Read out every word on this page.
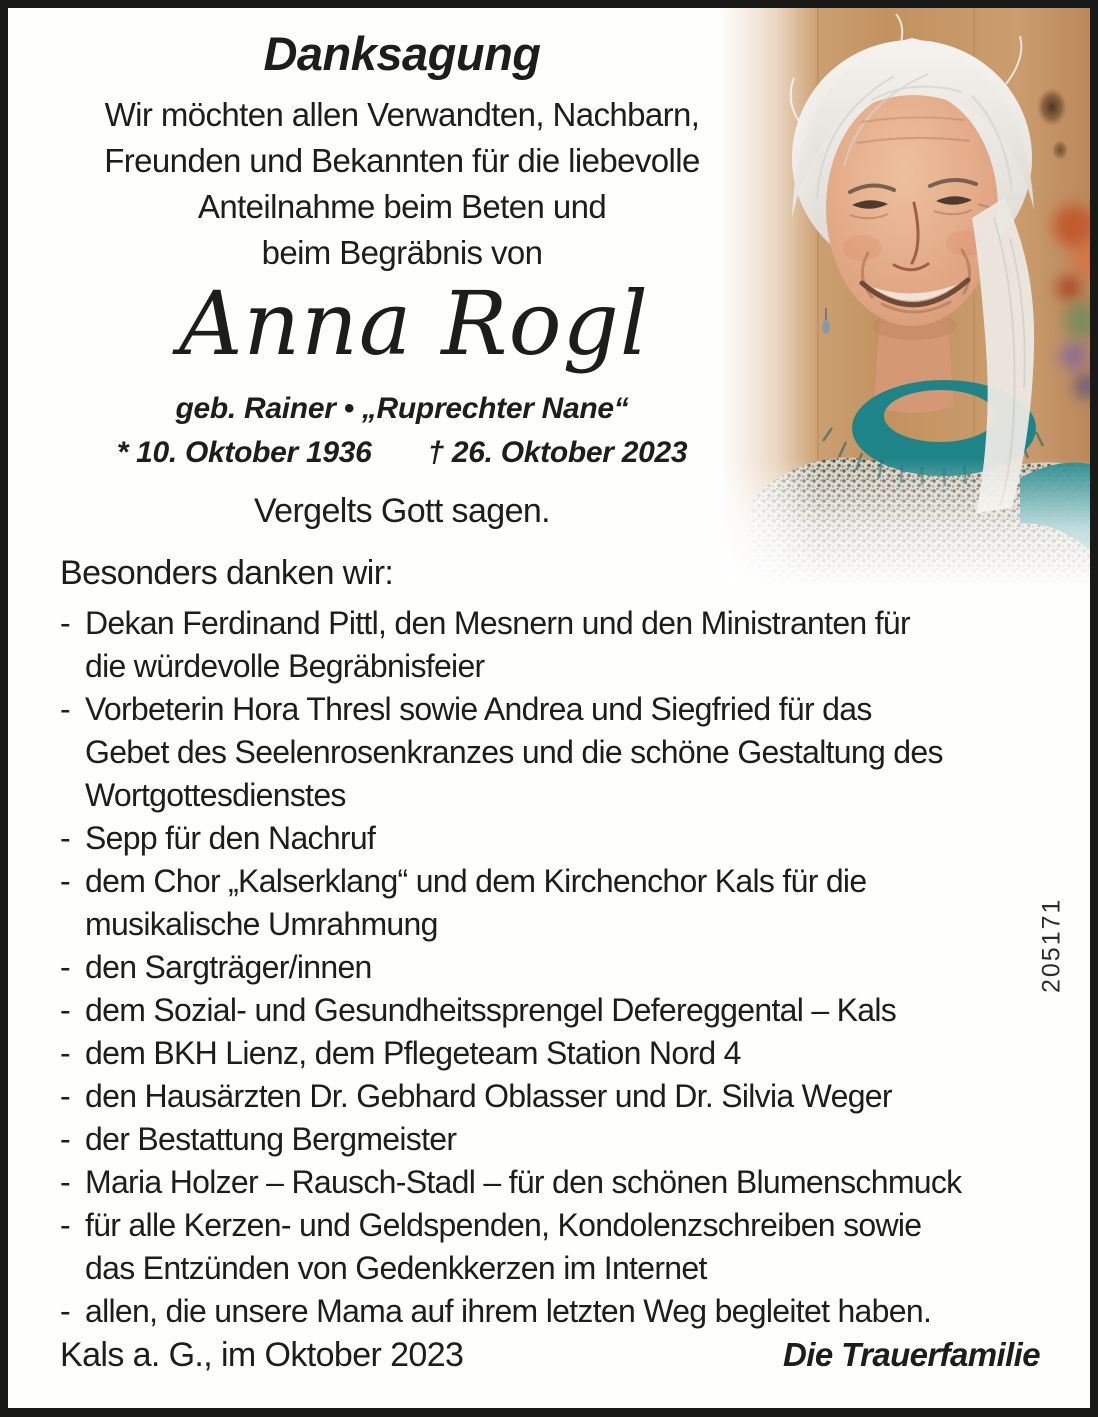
205171
Danksagung
Wir möchten allen Verwandten, Nachbarn,
Freunden und Bekannten für die liebevolle
Anteilnahme beim Beten und
beim Begräbnis von
Anna Rogl
geb. Rainer • „Ruprechter Nane“
* 10. Oktober 1936 † 26. Oktober 2023
Vergelts Gott sagen.
Besonders danken wir:
- Dekan Ferdinand Pittl, den Mesnern und den Ministranten für
die würdevolle Begräbnisfeier
- Vorbeterin Hora Thresl sowie Andrea und Siegfried für das
Gebet des Seelenrosenkranzes und die schöne Gestaltung des
Wortgottesdienstes
- Sepp für den Nachruf
- dem Chor „Kalserklang“ und dem Kirchenchor Kals für die
musikalische Umrahmung
- den Sargträger/innen
- dem Sozial- und Gesundheitssprengel Defereggental – Kals
- dem BKH Lienz, dem Pflegeteam Station Nord 4
- den Hausärzten Dr. Gebhard Oblasser und Dr. Silvia Weger
- der Bestattung Bergmeister
- Maria Holzer – Rausch-Stadl – für den schönen Blumenschmuck
- für alle Kerzen- und Geldspenden, Kondolenzschreiben sowie
das Entzünden von Gedenkkerzen im Internet
- allen, die unsere Mama auf ihrem letzten Weg begleitet haben.
Kals a. G., im Oktober 2023	Die Trauerfamilie
